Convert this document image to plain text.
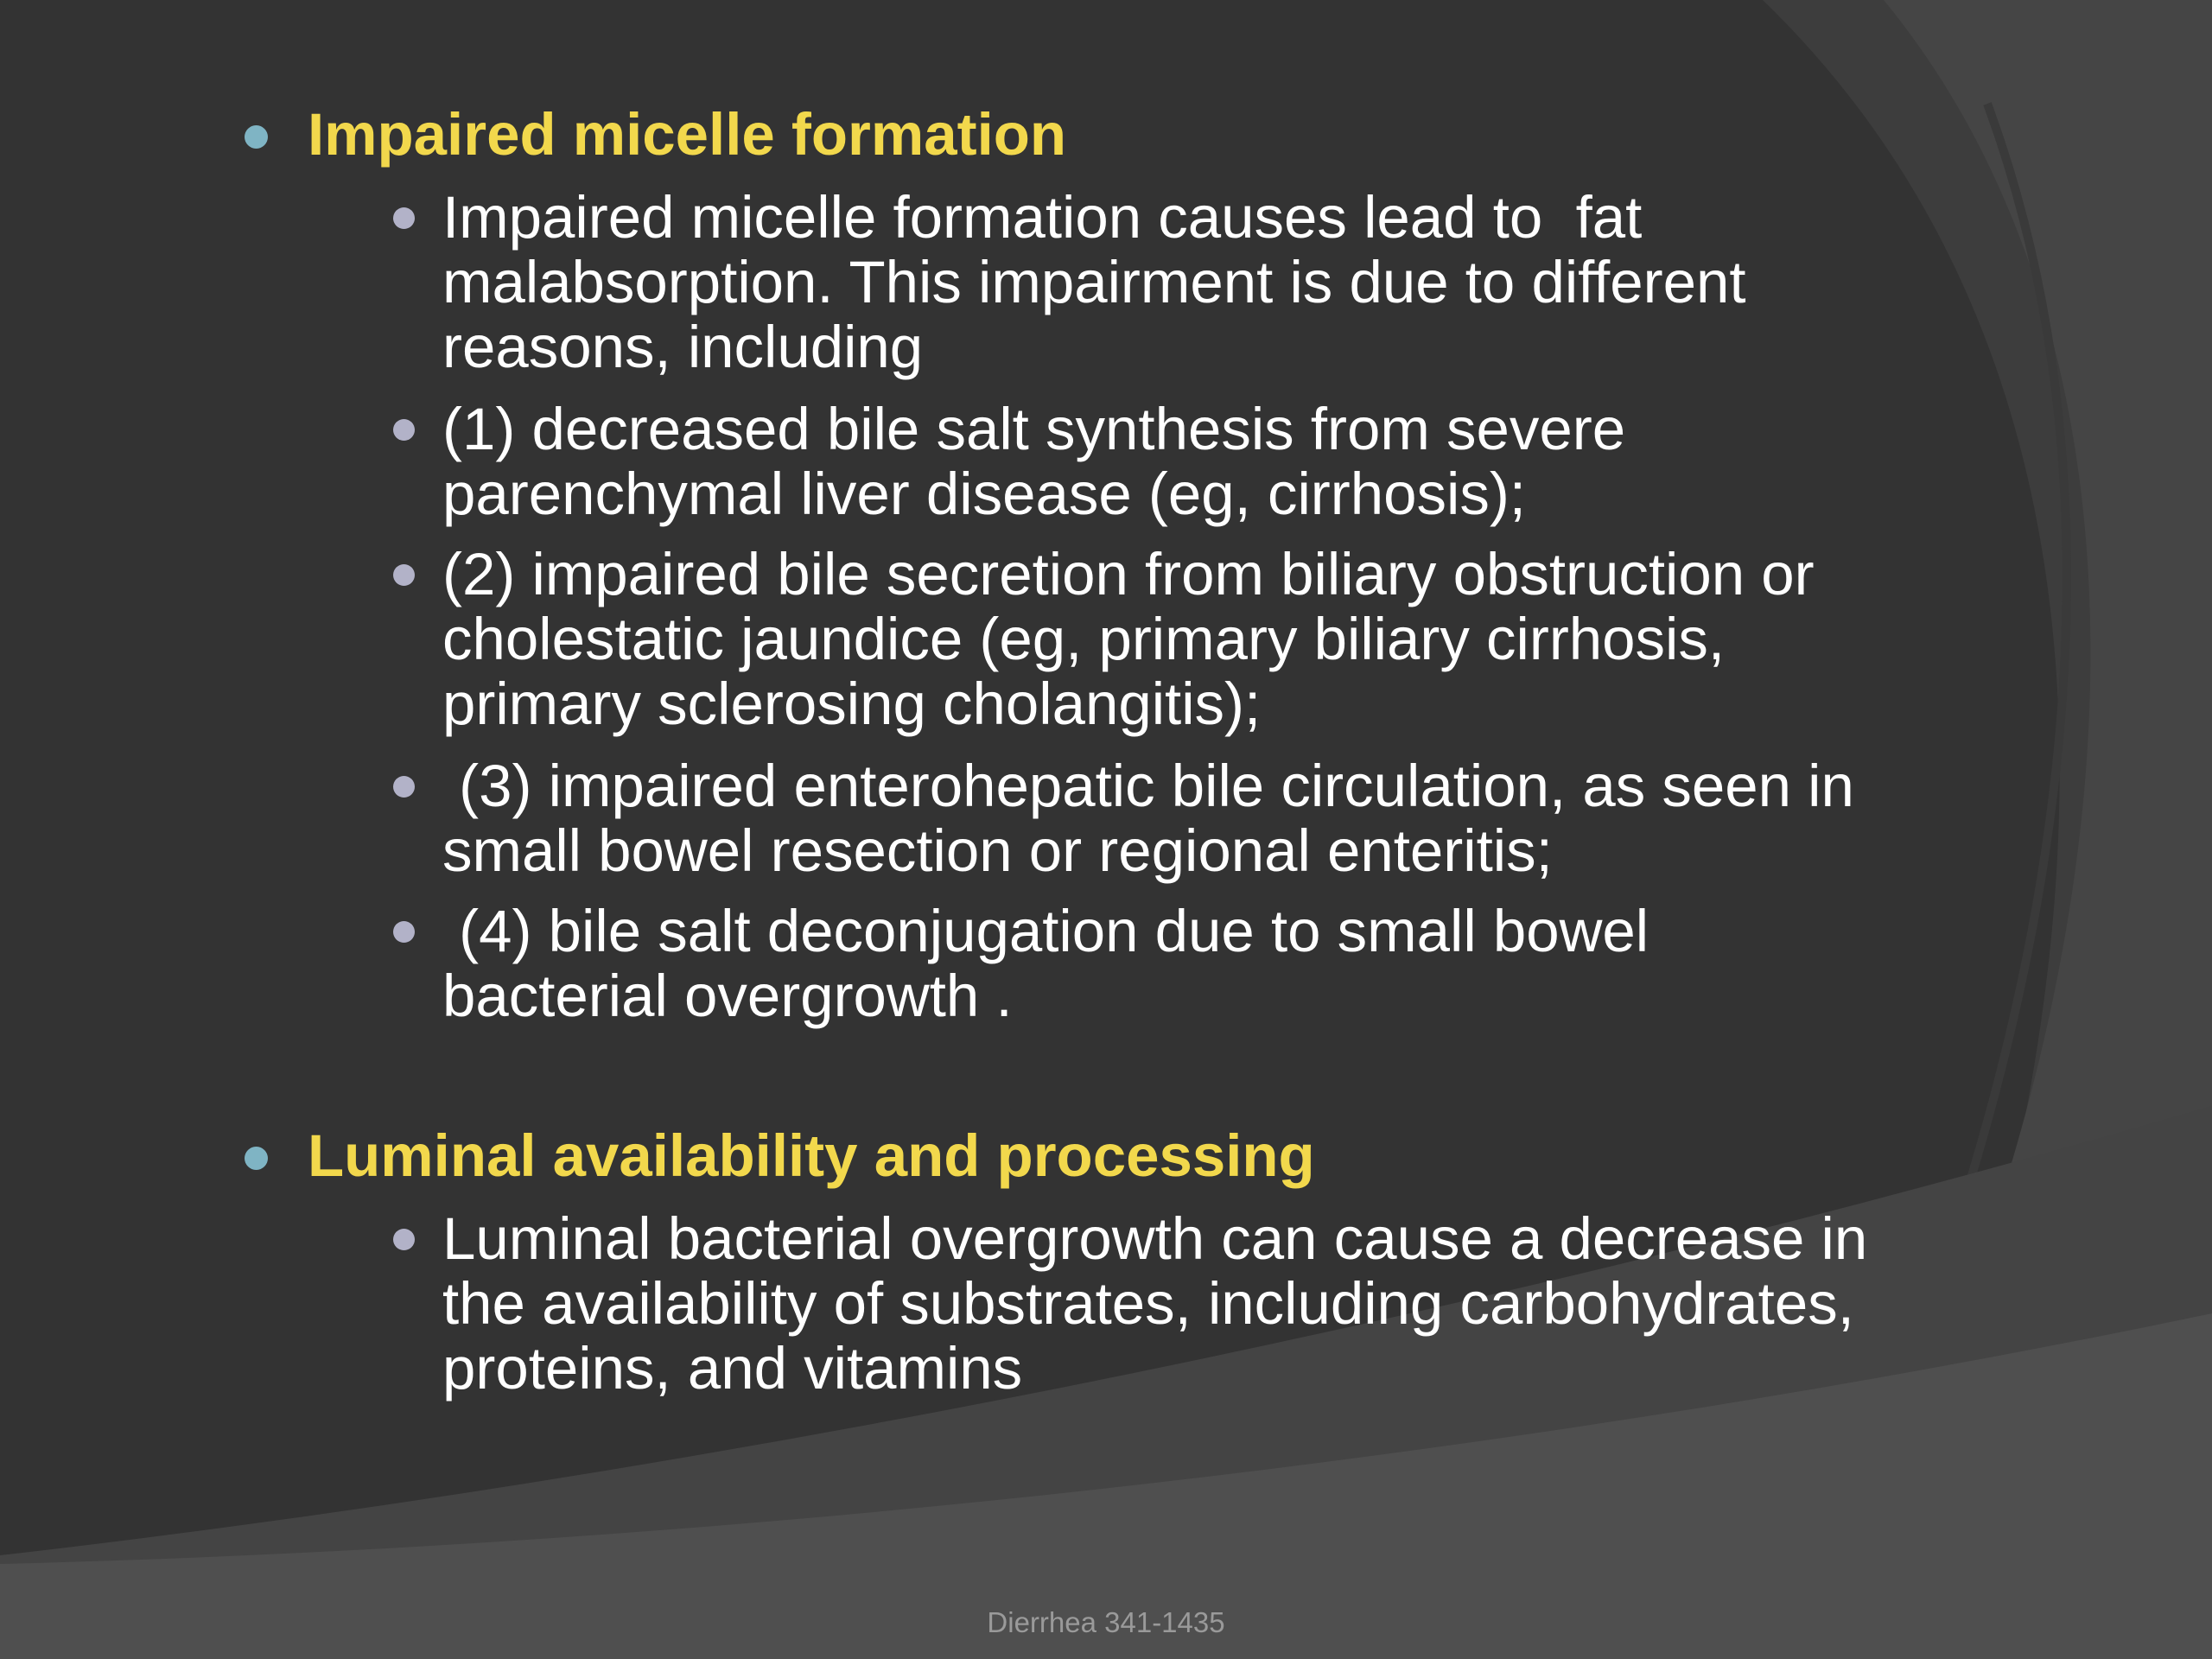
Impaired micelle formation
Impaired micelle formation causes lead to  fat
malabsorption. This impairment is due to different
reasons, including
(1) decreased bile salt synthesis from severe
parenchymal liver disease (eg, cirrhosis);
(2) impaired bile secretion from biliary obstruction or
cholestatic jaundice (eg, primary biliary cirrhosis,
primary sclerosing cholangitis);
(3) impaired enterohepatic bile circulation, as seen in
small bowel resection or regional enteritis;
(4) bile salt deconjugation due to small bowel
bacterial overgrowth .
Luminal availability and processing
Luminal bacterial overgrowth can cause a decrease in
the availability of substrates, including carbohydrates,
proteins, and vitamins
Dierrhea 341-1435
